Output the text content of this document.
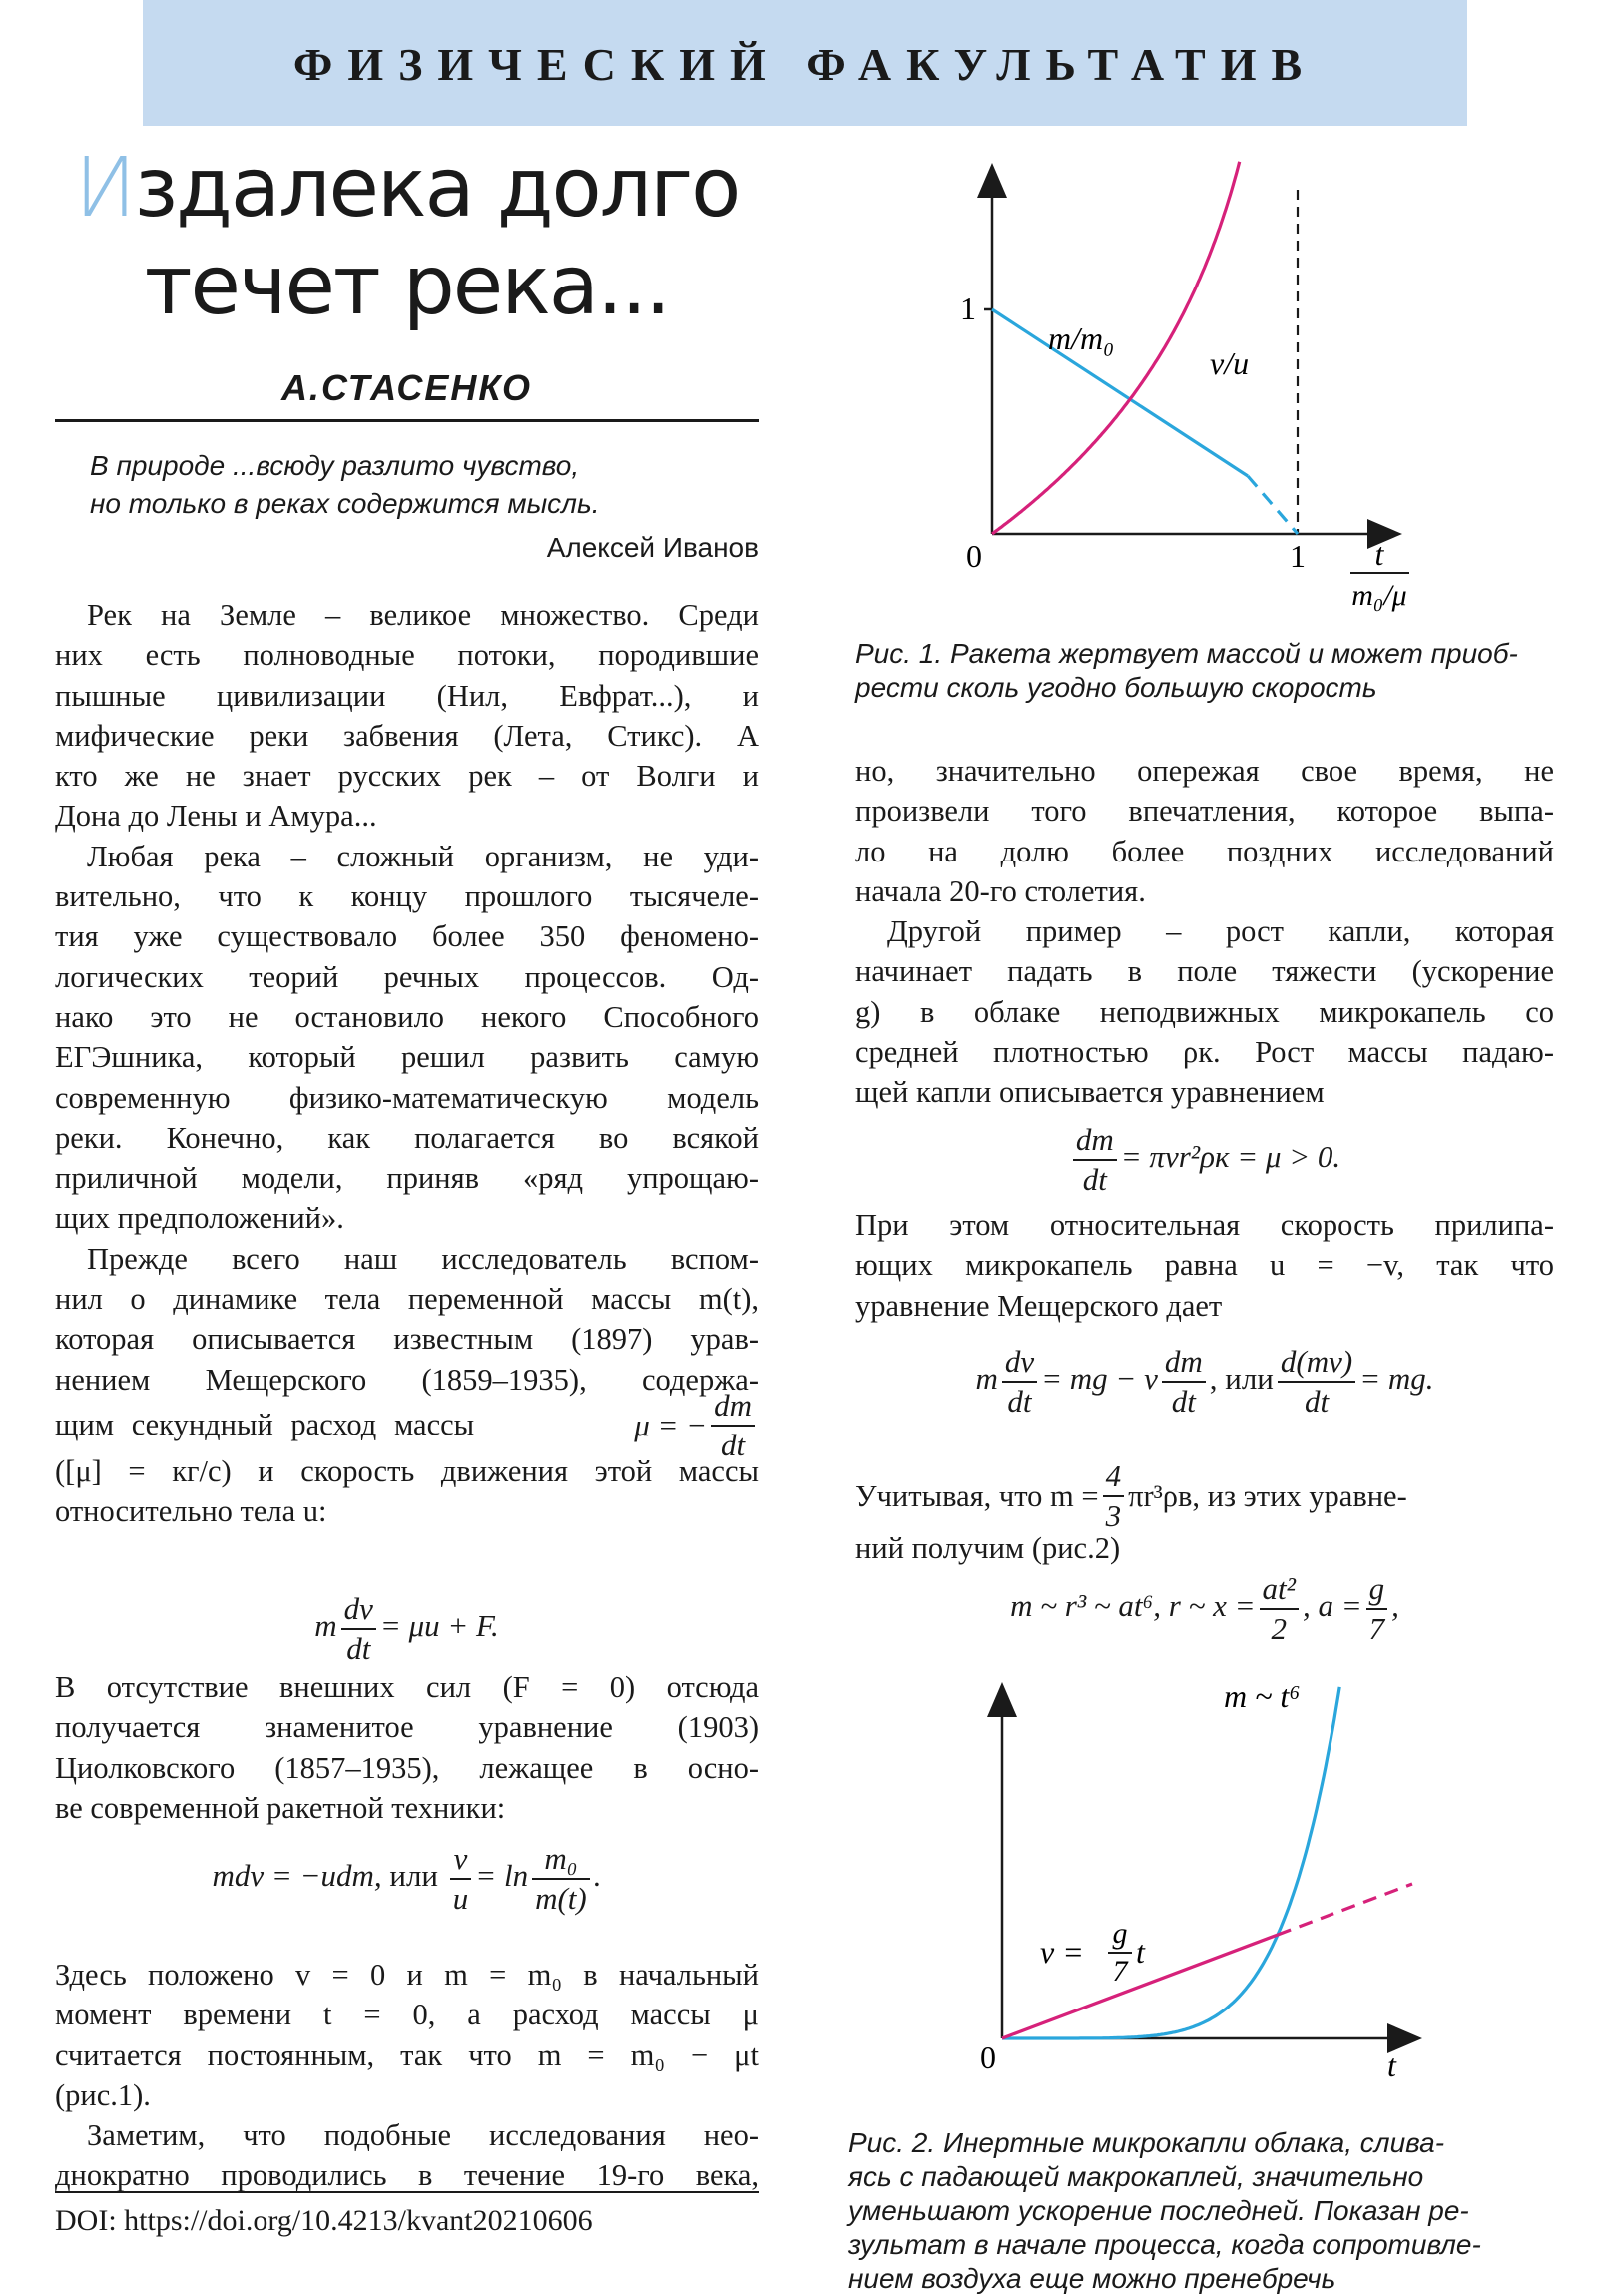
ФИЗИЧЕСКИЙ ФАКУЛЬТАТИВ
Издалека долго
течет река...
А.СТАСЕНКО
В природе ...всюду разлито чувство,
но только в реках содержится мысль.
Алексей Иванов
Рек на Земле – великое множество. Среди
них есть полноводные потоки, породившие
пышные цивилизации (Нил, Евфрат...), и
мифические реки забвения (Лета, Стикс). А
кто же не знает русских рек – от Волги и
Дона до Лены и Амура...
Любая река – сложный организм, не уди-
вительно, что к концу прошлого тысячеле-
тия уже существовало более 350 феномено-
логических теорий речных процессов. Од-
нако это не остановило некого Способного
ЕГЭшника, который решил развить самую
современную физико-математическую модель
реки. Конечно, как полагается во всякой
приличной модели, приняв «ряд упрощаю-
щих предположений».
Прежде всего наш исследователь вспом-
нил о динамике тела переменной массы m(t),
которая описывается известным (1897) урав-
нением Мещерского (1859–1935), содержа-
щим секундный расход массы	μ = − $\frac{dm}{dt}$
([μ] = кг/с) и скорость движения этой массы
относительно тела u:
m $\frac{dv}{dt} = \mu u + F$.
В отсутствие внешних сил (F = 0) отсюда
получается знаменитое уравнение (1903)
Циолковского (1857–1935), лежащее в осно-
ве современной ракетной техники:
mdv = −udm, или $\frac{v}{u} = \ln \frac{\text{m₀}}{m(t)}$ .
Здесь положено v = 0 и m = m₀ в начальный
момент времени t = 0, а расход массы μ
считается постоянным, так что m = m₀ − μt
(рис.1).
Заметим, что подобные исследования нео-
днократно проводились в течение 19-го века,
DOI: https://doi.org/10.4213/kvant20210606
1
0	1
m/m₀
v/u
t
m₀/μ
Рис. 1. Ракета жертвует массой и может приоб-
рести сколь угодно большую скорость
но, значительно опережая свое время, не
произвели того впечатления, которое выпа-
ло на долю более поздних исследований
начала 20-го столетия.
Другой пример – рост капли, которая
начинает падать в поле тяжести (ускорение
g) в облаке неподвижных микрокапель со
средней плотностью ρк. Рост массы падаю-
щей капли описывается уравнением
$\frac{dm}{dt} = \pi vr^2\rho к = \mu > 0$.
При этом относительная скорость прилипа-
ющих микрокапель равна u = −v, так что
уравнение Мещерского дает
m $\frac{dv}{dt}$ = mg − v $\frac{dm}{dt}$ , или $\frac{d(mv)}{dt}$ = mg.
Учитывая, что $m = \frac{4}{3} \pi r^3\rho в$, из этих уравне-
ний получим (рис.2)
m ~ r³ ~ at⁶, r ~ $x = \frac{\text{at²}}{2}$ , $a = \frac{g}{7}$ ,
0	t
m ~ t⁶
v =
g
7
t
Рис. 2. Инертные микрокапли облака, слива-
ясь с падающей макрокаплей, значительно
уменьшают ускорение последней. Показан ре-
зультат в начале процесса, когда сопротивле-
нием воздуха еще можно пренебречь
